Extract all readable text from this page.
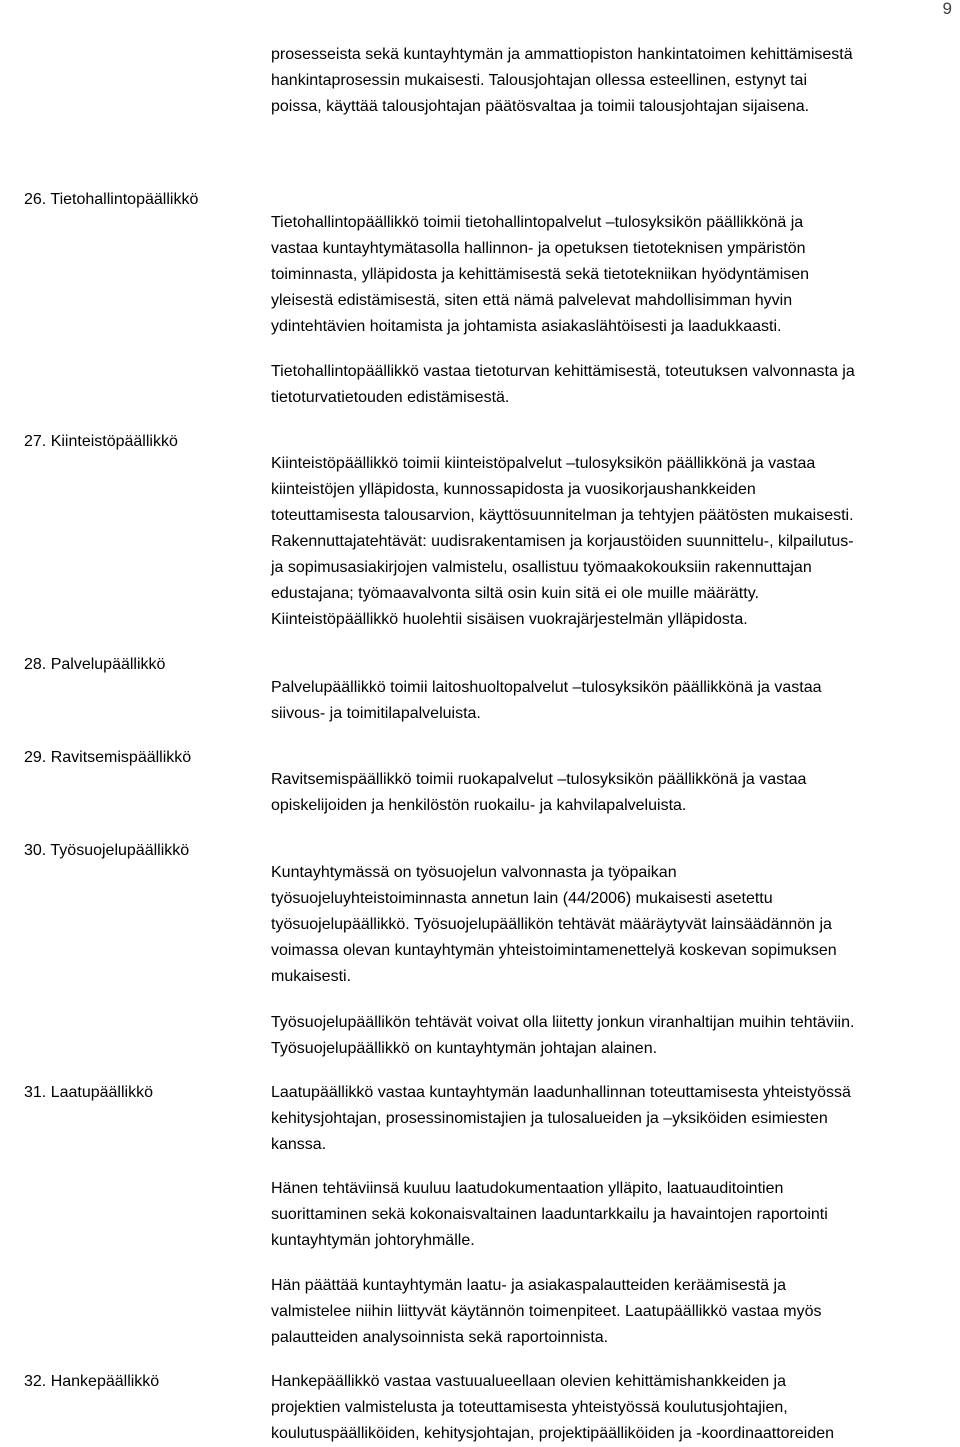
9
prosesseista sekä kuntayhtymän ja ammattiopiston hankintatoimen kehittämisestä
hankintaprosessin mukaisesti. Talousjohtajan ollessa esteellinen, estynyt tai
poissa, käyttää talousjohtajan päätösvaltaa ja toimii talousjohtajan sijaisena.
26. Tietohallintopäällikkö
Tietohallintopäällikkö toimii tietohallintopalvelut –tulosyksikön päällikkönä ja
vastaa kuntayhtymätasolla hallinnon- ja opetuksen tietoteknisen ympäristön
toiminnasta, ylläpidosta ja kehittämisestä sekä tietotekniikan hyödyntämisen
yleisestä edistämisestä, siten että nämä palvelevat mahdollisimman hyvin
ydintehtävien hoitamista ja johtamista asiakaslähtöisesti ja laadukkaasti.
Tietohallintopäällikkö vastaa tietoturvan kehittämisestä, toteutuksen valvonnasta ja
tietoturvatietouden edistämisestä.
27. Kiinteistöpäällikkö
Kiinteistöpäällikkö toimii kiinteistöpalvelut –tulosyksikön päällikkönä ja vastaa
kiinteistöjen ylläpidosta, kunnossapidosta ja vuosikorjaushankkeiden
toteuttamisesta talousarvion, käyttösuunnitelman ja tehtyjen päätösten mukaisesti.
Rakennuttajatehtävät: uudisrakentamisen ja korjaustöiden suunnittelu-, kilpailutus-
ja sopimusasiakirjojen valmistelu, osallistuu työmaakokouksiin rakennuttajan
edustajana; työmaavalvonta siltä osin kuin sitä ei ole muille määrätty.
Kiinteistöpäällikkö huolehtii sisäisen vuokrajärjestelmän ylläpidosta.
28. Palvelupäällikkö
Palvelupäällikkö toimii laitoshuoltopalvelut –tulosyksikön päällikkönä ja vastaa
siivous- ja toimitilapalveluista.
29. Ravitsemispäällikkö
Ravitsemispäällikkö toimii ruokapalvelut –tulosyksikön päällikkönä ja vastaa
opiskelijoiden ja henkilöstön ruokailu- ja kahvilapalveluista.
30. Työsuojelupäällikkö
Kuntayhtymässä on työsuojelun valvonnasta ja työpaikan
työsuojeluyhteistoiminnasta annetun lain (44/2006) mukaisesti asetettu
työsuojelupäällikkö. Työsuojelupäällikön tehtävät määräytyvät lainsäädännön ja
voimassa olevan kuntayhtymän yhteistoimintamenettelyä koskevan sopimuksen
mukaisesti.
Työsuojelupäällikön tehtävät voivat olla liitetty jonkun viranhaltijan muihin tehtäviin.
Työsuojelupäällikkö on kuntayhtymän johtajan alainen.
31. Laatupäällikkö	Laatupäällikkö vastaa kuntayhtymän laadunhallinnan toteuttamisesta yhteistyössä
kehitysjohtajan, prosessinomistajien ja tulosalueiden ja –yksiköiden esimiesten
kanssa.
Hänen tehtäviinsä kuuluu laatudokumentaation ylläpito, laatuauditointien
suorittaminen sekä kokonaisvaltainen laaduntarkkailu ja havaintojen raportointi
kuntayhtymän johtoryhmälle.
Hän päättää kuntayhtymän laatu- ja asiakaspalautteiden keräämisestä ja
valmistelee niihin liittyvät käytännön toimenpiteet. Laatupäällikkö vastaa myös
palautteiden analysoinnista sekä raportoinnista.
32. Hankepäällikkö	Hankepäällikkö vastaa vastuualueellaan olevien kehittämishankkeiden ja
projektien valmistelusta ja toteuttamisesta yhteistyössä koulutusjohtajien,
koulutuspäälliköiden, kehitysjohtajan, projektipäälliköiden ja -koordinaattoreiden
